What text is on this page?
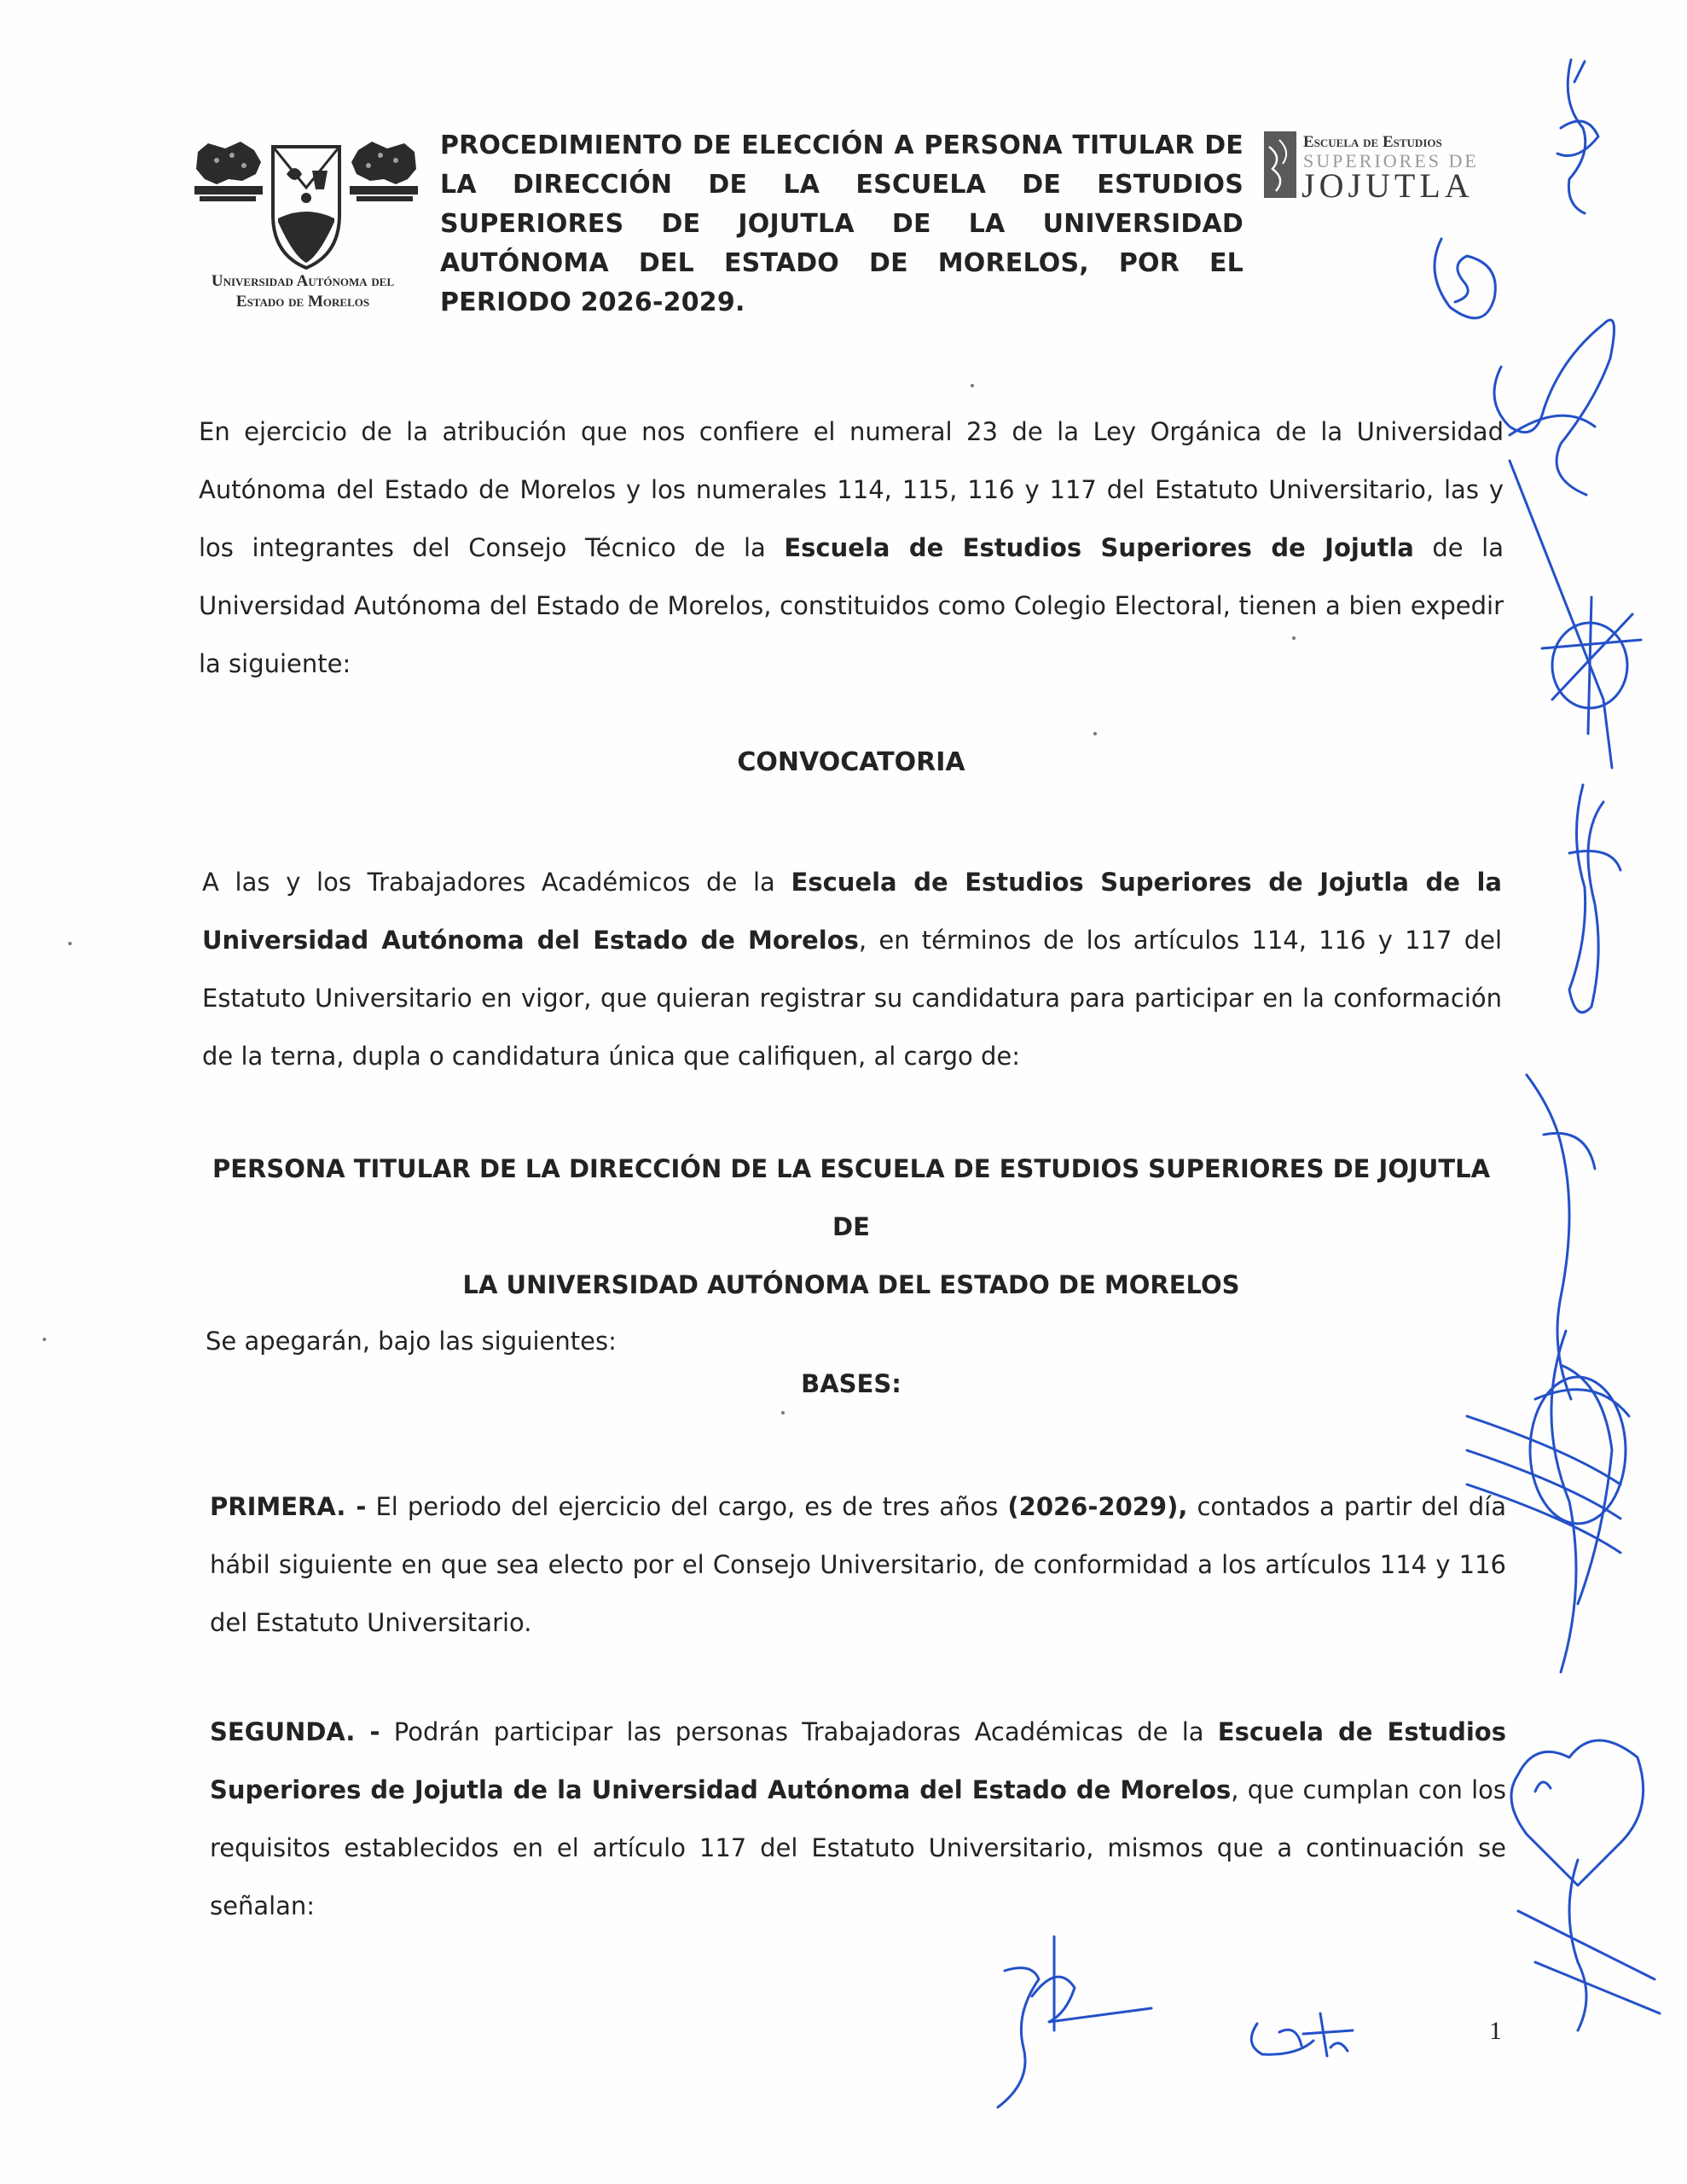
Universidad Autónoma del
Estado de Morelos
PROCEDIMIENTO DE ELECCIÓN A PERSONA TITULAR DE LA DIRECCIÓN DE LA ESCUELA DE ESTUDIOS SUPERIORES DE JOJUTLA DE LA UNIVERSIDAD AUTÓNOMA DEL ESTADO DE MORELOS, POR EL PERIODO 2026-2029.
Escuela de Estudios
SUPERIORES DE
JOJUTLA
En ejercicio de la atribución que nos confiere el numeral 23 de la Ley Orgánica de la Universidad Autónoma del Estado de Morelos y los numerales 114, 115, 116 y 117 del Estatuto Universitario, las y los integrantes del Consejo Técnico de la Escuela de Estudios Superiores de Jojutla de la Universidad Autónoma del Estado de Morelos, constituidos como Colegio Electoral, tienen a bien expedir la siguiente:
CONVOCATORIA
A las y los Trabajadores Académicos de la Escuela de Estudios Superiores de Jojutla de la Universidad Autónoma del Estado de Morelos, en términos de los artículos 114, 116 y 117 del Estatuto Universitario en vigor, que quieran registrar su candidatura para participar en la conformación de la terna, dupla o candidatura única que califiquen, al cargo de:
PERSONA TITULAR DE LA DIRECCIÓN DE LA ESCUELA DE ESTUDIOS SUPERIORES DE JOJUTLA DE
LA UNIVERSIDAD AUTÓNOMA DEL ESTADO DE MORELOS
Se apegarán, bajo las siguientes:
BASES:
PRIMERA. - El periodo del ejercicio del cargo, es de tres años (2026-2029), contados a partir del día hábil siguiente en que sea electo por el Consejo Universitario, de conformidad a los artículos 114 y 116 del Estatuto Universitario.
SEGUNDA. - Podrán participar las personas Trabajadoras Académicas de la Escuela de Estudios Superiores de Jojutla de la Universidad Autónoma del Estado de Morelos, que cumplan con los requisitos establecidos en el artículo 117 del Estatuto Universitario, mismos que a continuación se señalan:
1
